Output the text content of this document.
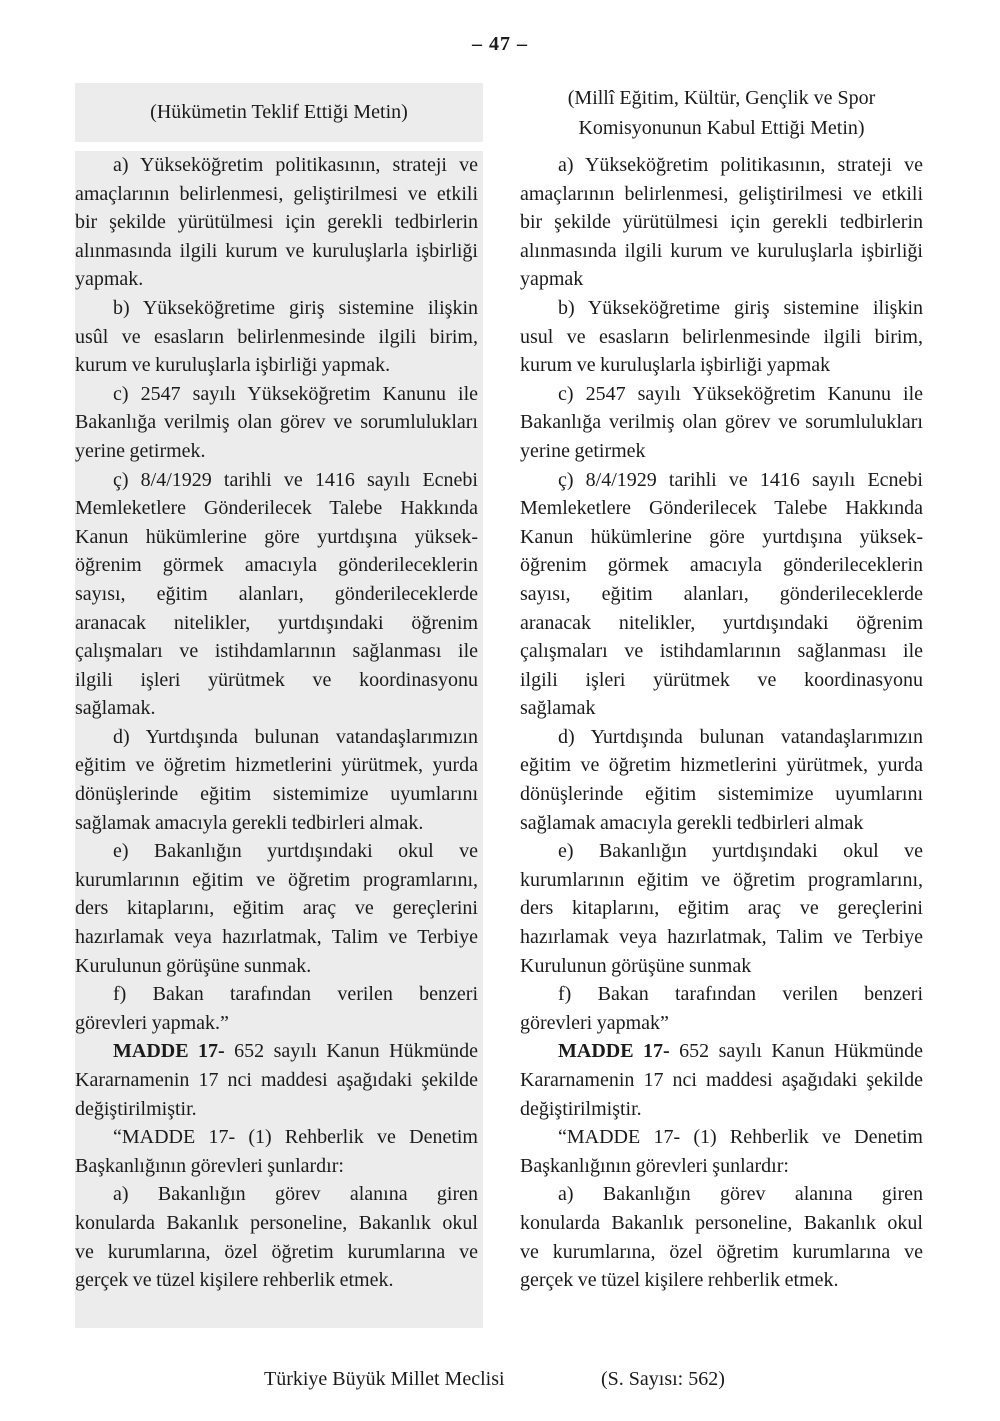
– 47 –
(Hükümetin Teklif Ettiği Metin)
a) Yükseköğretim politikasının, strateji ve
amaçlarının belirlenmesi, geliştirilmesi ve etkili
bir şekilde yürütülmesi için gerekli tedbirlerin
alınmasında ilgili kurum ve kuruluşlarla işbirliği
yapmak.
b) Yükseköğretime giriş sistemine ilişkin
usûl ve esasların belirlenmesinde ilgili birim,
kurum ve kuruluşlarla işbirliği yapmak.
c) 2547 sayılı Yükseköğretim Kanunu ile
Bakanlığa verilmiş olan görev ve sorumlulukları
yerine getirmek.
ç) 8/4/1929 tarihli ve 1416 sayılı Ecnebi
Memleketlere Gönderilecek Talebe Hakkında
Kanun hükümlerine göre yurtdışına yüksek-
öğrenim görmek amacıyla gönderileceklerin
sayısı, eğitim alanları, gönderileceklerde
aranacak nitelikler, yurtdışındaki öğrenim
çalışmaları ve istihdamlarının sağlanması ile
ilgili işleri yürütmek ve koordinasyonu
sağlamak.
d) Yurtdışında bulunan vatandaşlarımızın
eğitim ve öğretim hizmetlerini yürütmek, yurda
dönüşlerinde eğitim sistemimize uyumlarını
sağlamak amacıyla gerekli tedbirleri almak.
e) Bakanlığın yurtdışındaki okul ve
kurumlarının eğitim ve öğretim programlarını,
ders kitaplarını, eğitim araç ve gereçlerini
hazırlamak veya hazırlatmak, Talim ve Terbiye
Kurulunun görüşüne sunmak.
f) Bakan tarafından verilen benzeri
görevleri yapmak.”
MADDE 17- 652 sayılı Kanun Hükmünde
Kararnamenin 17 nci maddesi aşağıdaki şekilde
değiştirilmiştir.
“MADDE 17- (1) Rehberlik ve Denetim
Başkanlığının görevleri şunlardır:
a) Bakanlığın görev alanına giren
konularda Bakanlık personeline, Bakanlık okul
ve kurumlarına, özel öğretim kurumlarına ve
gerçek ve tüzel kişilere rehberlik etmek.
(Millî Eğitim, Kültür, Gençlik ve Spor
Komisyonunun Kabul Ettiği Metin)
a) Yükseköğretim politikasının, strateji ve
amaçlarının belirlenmesi, geliştirilmesi ve etkili
bir şekilde yürütülmesi için gerekli tedbirlerin
alınmasında ilgili kurum ve kuruluşlarla işbirliği
yapmak
b) Yükseköğretime giriş sistemine ilişkin
usul ve esasların belirlenmesinde ilgili birim,
kurum ve kuruluşlarla işbirliği yapmak
c) 2547 sayılı Yükseköğretim Kanunu ile
Bakanlığa verilmiş olan görev ve sorumlulukları
yerine getirmek
ç) 8/4/1929 tarihli ve 1416 sayılı Ecnebi
Memleketlere Gönderilecek Talebe Hakkında
Kanun hükümlerine göre yurtdışına yüksek-
öğrenim görmek amacıyla gönderileceklerin
sayısı, eğitim alanları, gönderileceklerde
aranacak nitelikler, yurtdışındaki öğrenim
çalışmaları ve istihdamlarının sağlanması ile
ilgili işleri yürütmek ve koordinasyonu
sağlamak
d) Yurtdışında bulunan vatandaşlarımızın
eğitim ve öğretim hizmetlerini yürütmek, yurda
dönüşlerinde eğitim sistemimize uyumlarını
sağlamak amacıyla gerekli tedbirleri almak
e) Bakanlığın yurtdışındaki okul ve
kurumlarının eğitim ve öğretim programlarını,
ders kitaplarını, eğitim araç ve gereçlerini
hazırlamak veya hazırlatmak, Talim ve Terbiye
Kurulunun görüşüne sunmak
f) Bakan tarafından verilen benzeri
görevleri yapmak”
MADDE 17- 652 sayılı Kanun Hükmünde
Kararnamenin 17 nci maddesi aşağıdaki şekilde
değiştirilmiştir.
“MADDE 17- (1) Rehberlik ve Denetim
Başkanlığının görevleri şunlardır:
a) Bakanlığın görev alanına giren
konularda Bakanlık personeline, Bakanlık okul
ve kurumlarına, özel öğretim kurumlarına ve
gerçek ve tüzel kişilere rehberlik etmek.
Türkiye Büyük Millet Meclisi	(S. Sayısı: 562)
